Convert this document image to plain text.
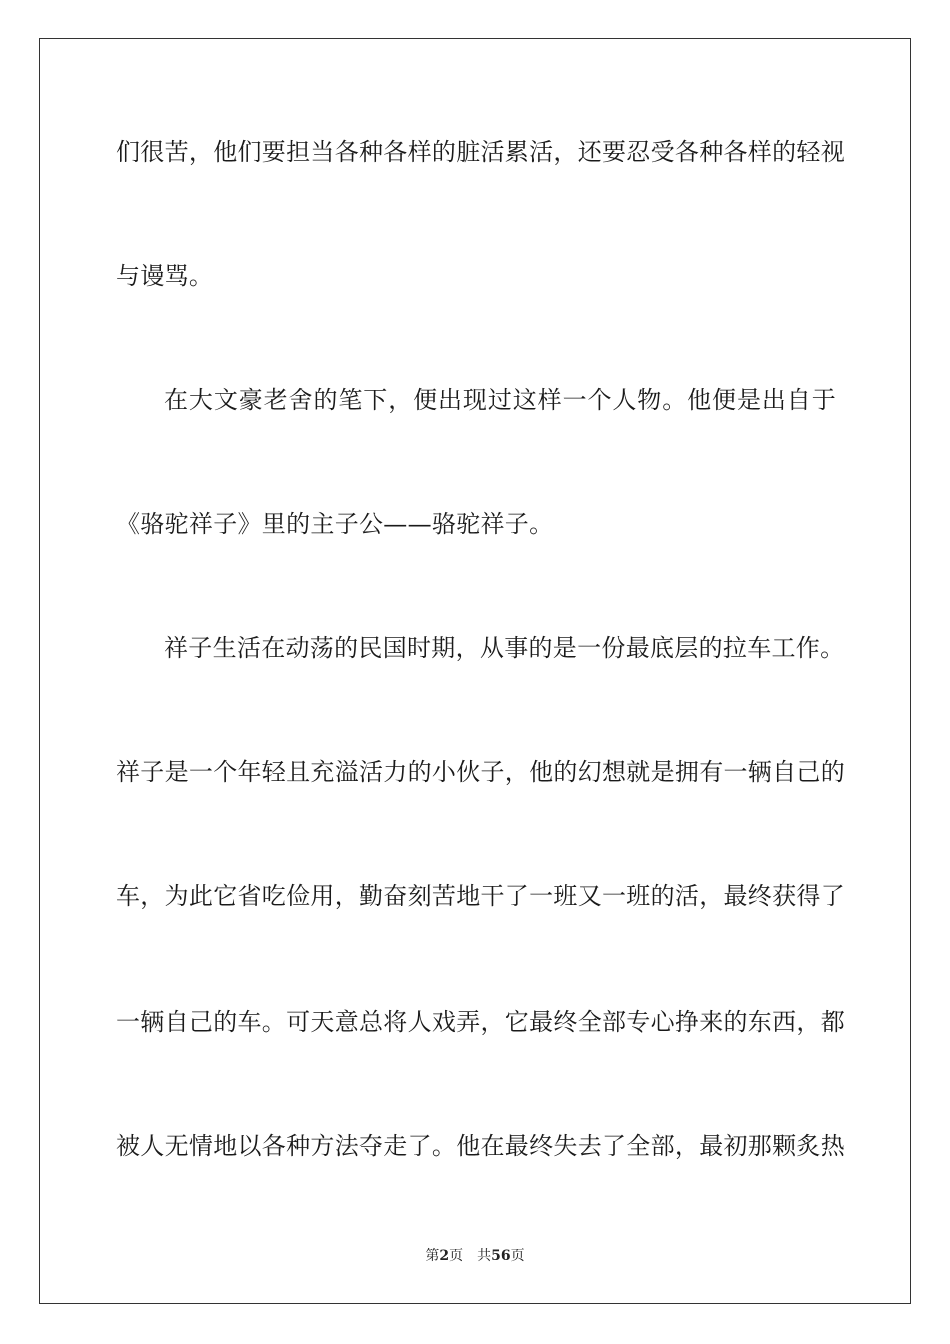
们很苦，他们要担当各种各样的脏活累活，还要忍受各种各样的轻视
与谩骂。
在大文豪老舍的笔下，便出现过这样一个人物。他便是出自于
《骆驼祥子》里的主子公——骆驼祥子。
祥子生活在动荡的民国时期，从事的是一份最底层的拉车工作。
祥子是一个年轻且充溢活力的小伙子，他的幻想就是拥有一辆自己的
车，为此它省吃俭用，勤奋刻苦地干了一班又一班的活，最终获得了
一辆自己的车。可天意总将人戏弄，它最终全部专心挣来的东西，都
被人无情地以各种方法夺走了。他在最终失去了全部，最初那颗炙热
第2页 共56页
